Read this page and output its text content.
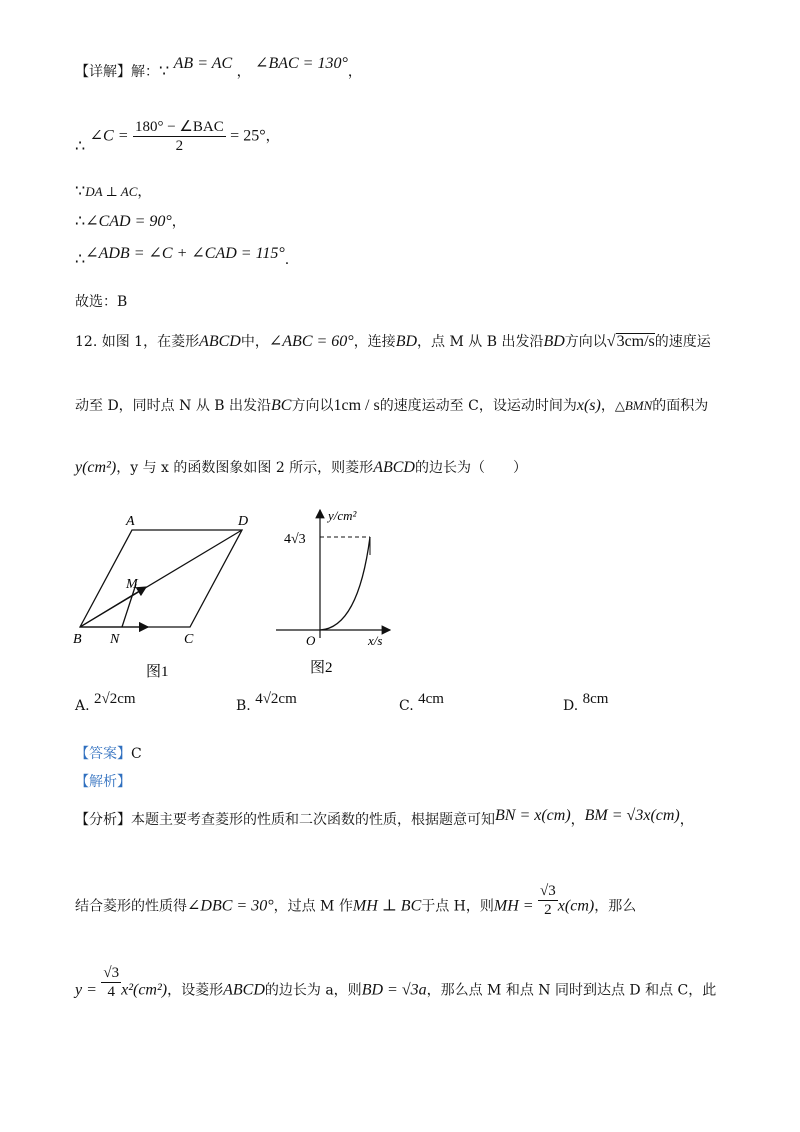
【详解】解：∵ AB = AC ， ∠BAC = 130°，
∴ ∠C = $\frac{\text{180° − ∠BAC}}{2} = 25^\circ$，
∵DA ⊥ AC，
∴∠CAD = 90°，
∴∠ADB = ∠C + ∠CAD = 115°.
故选：B
12. 如图 1，在菱形ABCD中，∠ABC = 60°，连接BD，点 M 从 B 出发沿BD方向以√3cm/s的速度运
动至 D，同时点 N 从 B 出发沿BC方向以1cm / s的速度运动至 C，设运动时间为x(s)，△BMN的面积为
y(cm²)，y 与 x 的函数图象如图 2 所示，则菱形ABCD的边长为（　　）
A	D
M
B N	C
图1
y/cm²
x/s
O
4√3
图2
A. 2√2cm	B. 4√2cm	C. 4cm	D. 8cm
【答案】C
【解析】
【分析】本题主要考查菱形的性质和二次函数的性质，根据题意可知BN = x(cm)，BM = √3x(cm)，
结合菱形的性质得∠DBC = 30°，过点 M 作MH ⊥ BC于点 H，则MH = $\frac{√3}{2} x(cm)$，那么
$y = \frac{√3}{4} x^2(cm^2)$，设菱形ABCD的边长为 a，则BD = √3a，那么点 M 和点 N 同时到达点 D 和点 C，此
